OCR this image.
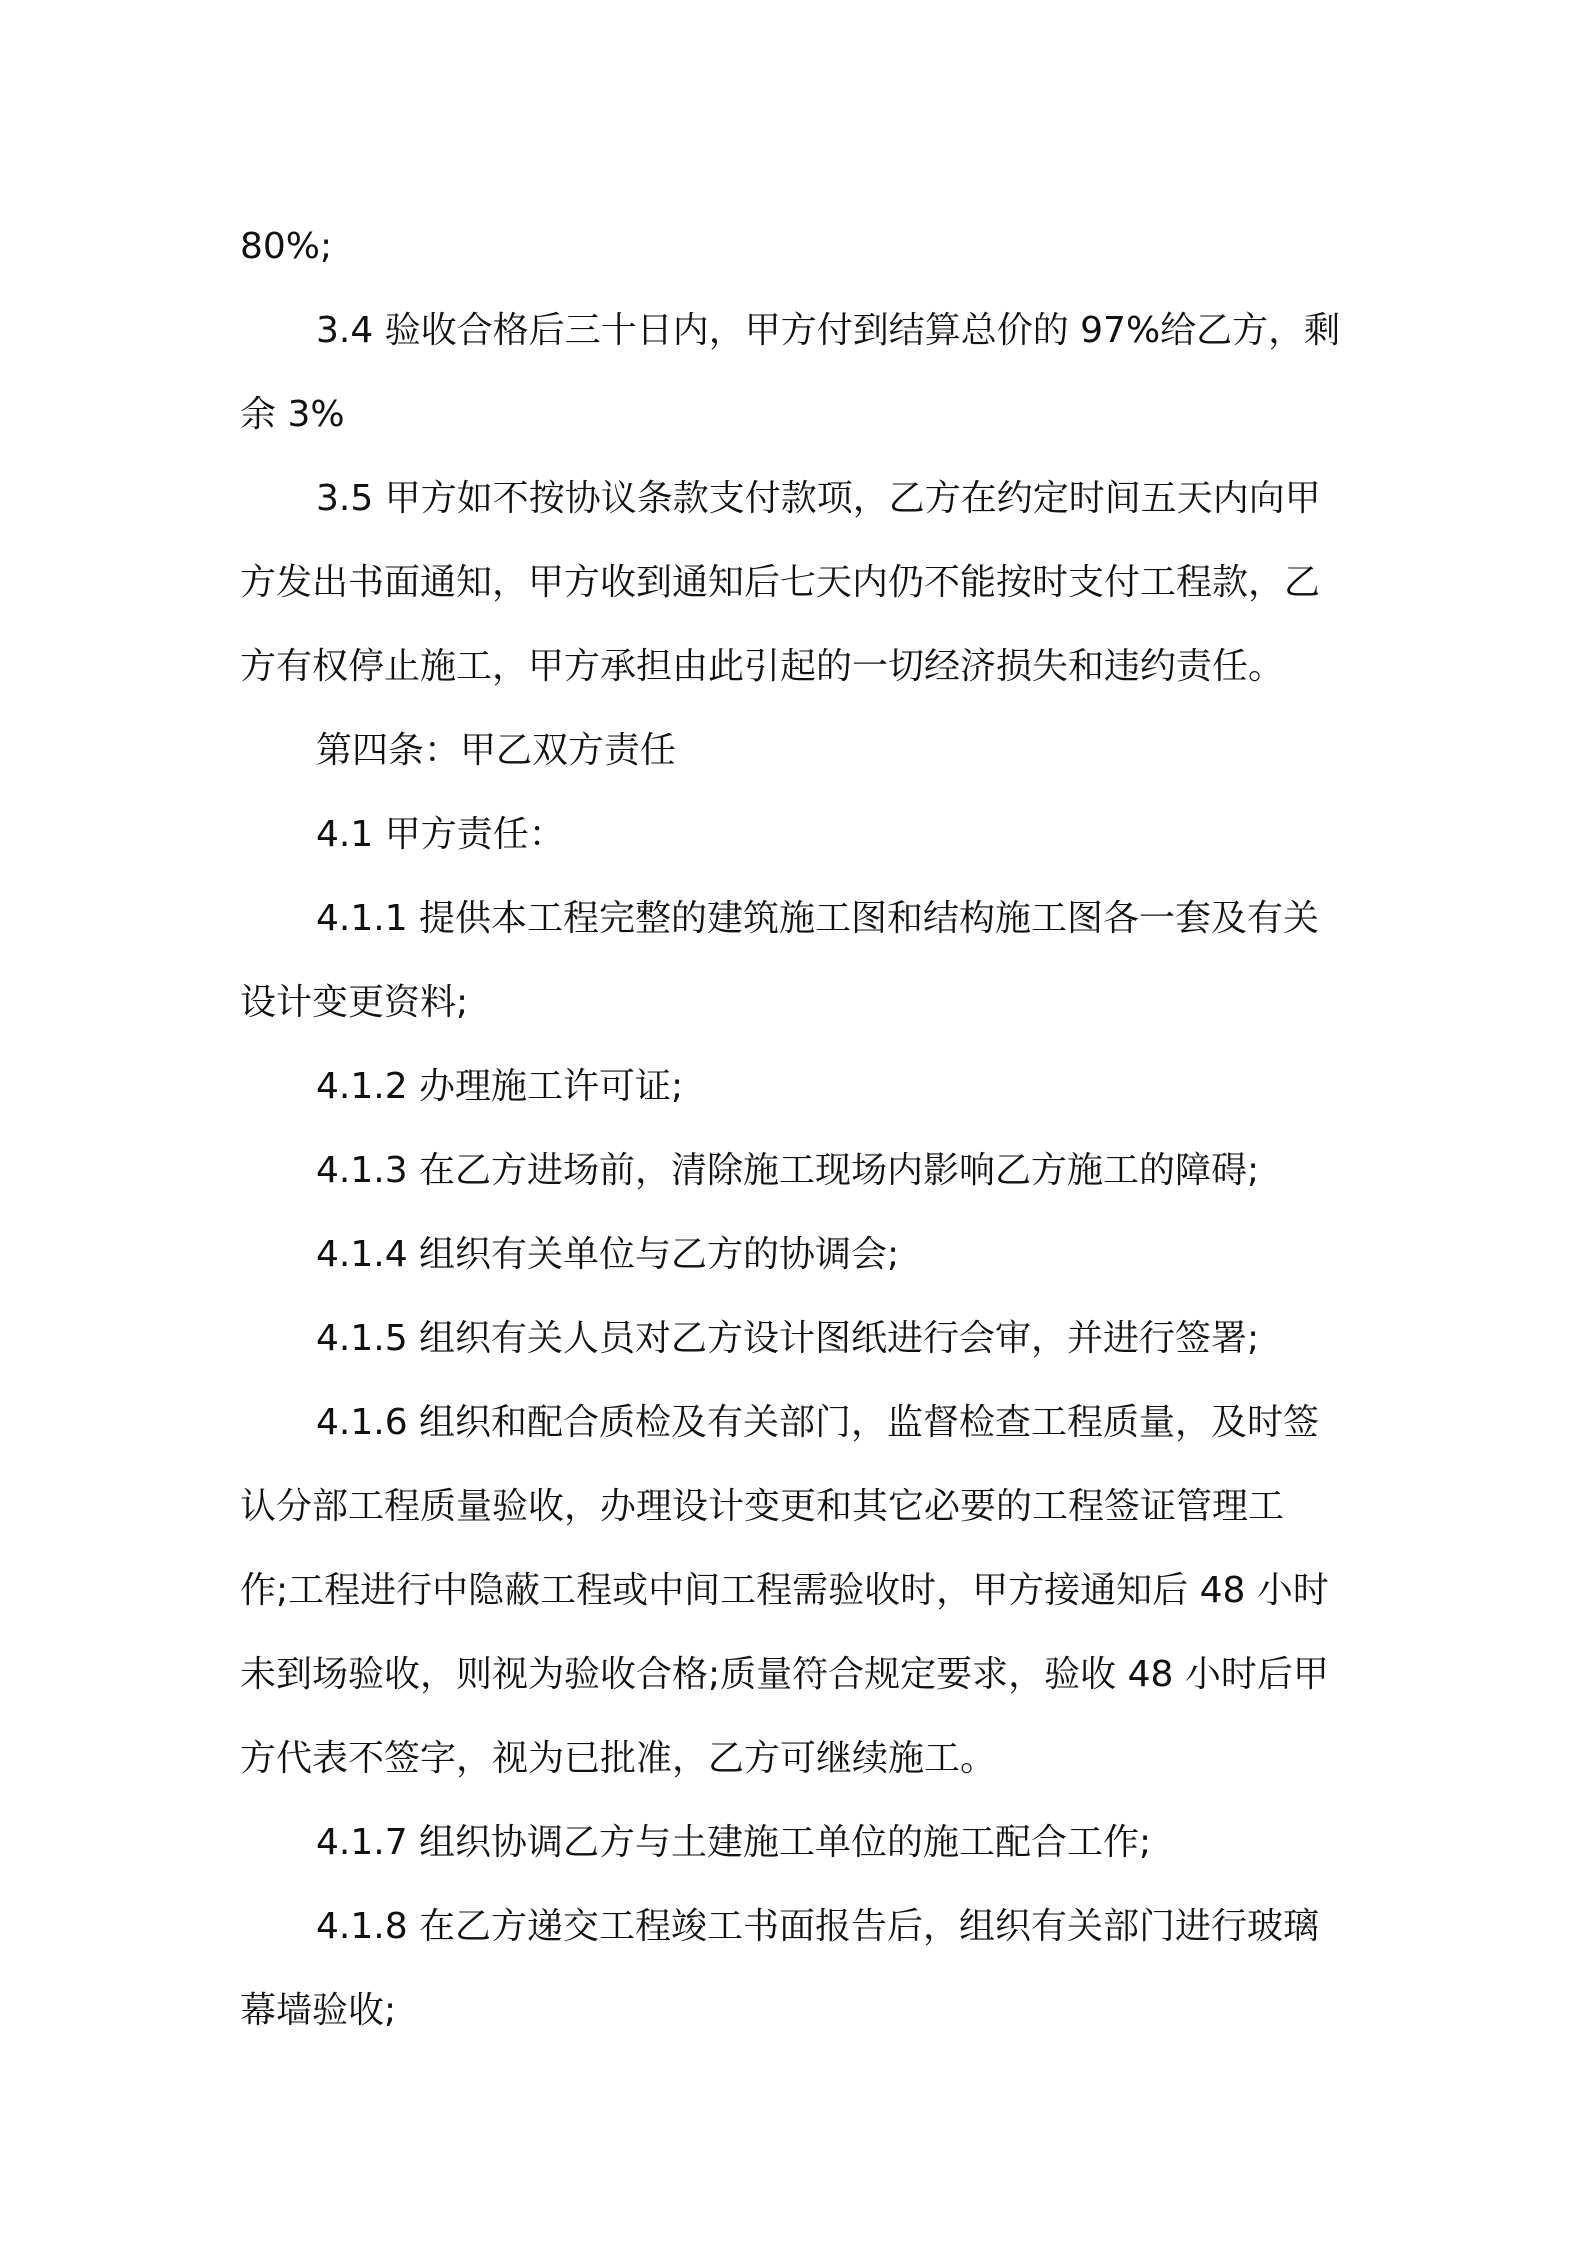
80%;
3.4 验收合格后三十日内，甲方付到结算总价的 97%给乙方，剩
余 3%
3.5 甲方如不按协议条款支付款项，乙方在约定时间五天内向甲
方发出书面通知，甲方收到通知后七天内仍不能按时支付工程款，乙
方有权停止施工，甲方承担由此引起的一切经济损失和违约责任。
第四条：甲乙双方责任
4.1 甲方责任：
4.1.1 提供本工程完整的建筑施工图和结构施工图各一套及有关
设计变更资料;
4.1.2 办理施工许可证;
4.1.3 在乙方进场前，清除施工现场内影响乙方施工的障碍;
4.1.4 组织有关单位与乙方的协调会;
4.1.5 组织有关人员对乙方设计图纸进行会审，并进行签署;
4.1.6 组织和配合质检及有关部门，监督检查工程质量，及时签
认分部工程质量验收，办理设计变更和其它必要的工程签证管理工
作;工程进行中隐蔽工程或中间工程需验收时，甲方接通知后 48 小时
未到场验收，则视为验收合格;质量符合规定要求，验收 48 小时后甲
方代表不签字，视为已批准，乙方可继续施工。
4.1.7 组织协调乙方与土建施工单位的施工配合工作;
4.1.8 在乙方递交工程竣工书面报告后，组织有关部门进行玻璃
幕墙验收;
